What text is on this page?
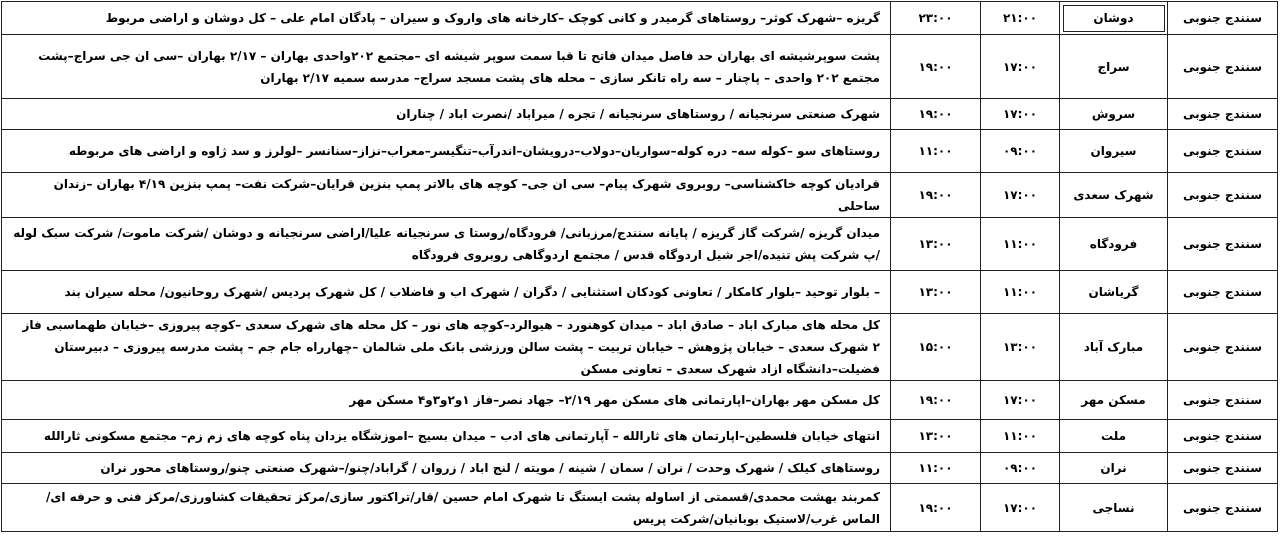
سنندج جنوبی	دوشان	۲۱:۰۰	۲۳:۰۰	گریزه –شهرک کوثر– روستاهای گرمیدر و کانی کوچک –کارخانه های واروک و سیران – پادگان امام علی – کل دوشان و اراضی مربوط
سنندج جنوبی	سراج	۱۷:۰۰	۱۹:۰۰	پشت سوپرشیشه ای بهاران حد فاصل میدان فاتح تا قبا سمت سوپر شیشه ای –مجتمع ۲۰۲واحدی بهاران – ۲/۱۷ بهاران –سی ان جی سراج–پشت مجتمع ۲۰۲ واحدی – پاچنار – سه راه تانکر سازی – محله های پشت مسجد سراج– مدرسه سمیه ۲/۱۷ بهاران
سنندج جنوبی	سروش	۱۷:۰۰	۱۹:۰۰	شهرک صنعتی سرنجیانه / روستاهای سرنجیانه / تجره / میراباد /نصرت اباد / چناران
سنندج جنوبی	سیروان	۰۹:۰۰	۱۱:۰۰	روستاهای سو –کوله سه– دره کوله–سواریان–دولاب–درویشان–اندرآب–تنگیسر–معراب–نزاز–سنانسر –لولرز و سد ژاوه و اراضی های مربوطه
سنندج جنوبی	شهرک سعدی	۱۷:۰۰	۱۹:۰۰	قرادیان کوچه خاکشناسی– روبروی شهرک پیام– سی ان جی– کوچه های بالاتر پمپ بنزین قرایان–شرکت نفت– پمپ بنزین ۴/۱۹ بهاران –زندان ساحلی
سنندج جنوبی	فرودگاه	۱۱:۰۰	۱۳:۰۰	میدان گریزه /شرکت گاز گریزه / پایانه سنندج/مرزبانی/ فرودگاه/روستا ی سرنجیانه علیا/اراضی سرنجیانه و دوشان /شرکت ماموت/ شرکت سبک لوله /پ شرکت پش تنیده/اجر شیل اردوگاه قدس / مجتمع اردوگاهی روبروی فرودگاه
سنندج جنوبی	گریاشان	۱۱:۰۰	۱۳:۰۰	– بلوار توحید –بلوار کامکار / تعاونی کودکان استثنایی / دگران / شهرک اب و فاضلاب / کل شهرک پردیس /شهرک روحانیون/ محله سیران بند
سنندج جنوبی	مبارک آباد	۱۳:۰۰	۱۵:۰۰	کل محله های مبارک اباد – صادق اباد – میدان کوهنورد – هیوالرد–کوچه های نور – کل محله های شهرک سعدی –کوچه پیروزی –خیابان طهماسبی فاز ۲ شهرک سعدی – خیابان پژوهش – خیابان تربیت – پشت سالن ورزشی بانک ملی شالمان –چهارراه جام جم – پشت مدرسه پیروزی – دبیرستان فضیلت–دانشگاه ازاد شهرک سعدی – تعاونی مسکن
سنندج جنوبی	مسکن مهر	۱۷:۰۰	۱۹:۰۰	کل مسکن مهر بهاران–اپارتمانی های مسکن مهر ۲/۱۹– جهاد نصر–فاز ۱و۲و۳و۴ مسکن مهر
سنندج جنوبی	ملت	۱۱:۰۰	۱۳:۰۰	انتهای خیابان فلسطین–اپارتمان های ثارالله – آپارتمانی های ادب – میدان بسیج –اموزشگاه یزدان پناه کوچه های زم زم– مجتمع مسکونی ثارالله
سنندج جنوبی	نران	۰۹:۰۰	۱۱:۰۰	روستاهای کیلک / شهرک وحدت / نران / سمان / شینه / مویته / لنج اباد / زروان / گراباد/چنو/–شهرک صنعتی چنو/روستاهای محور نران
سنندج جنوبی	نساجی	۱۷:۰۰	۱۹:۰۰	کمربند بهشت محمدی/قسمتی از اساوله پشت ایستگ تا شهرک امام حسین /قار/تراکتور سازی/مرکز تحقیقات کشاورزی/مرکز فنی و حرفه ای/الماس غرب/لاستیک بوبانیان/شرکت پریس
